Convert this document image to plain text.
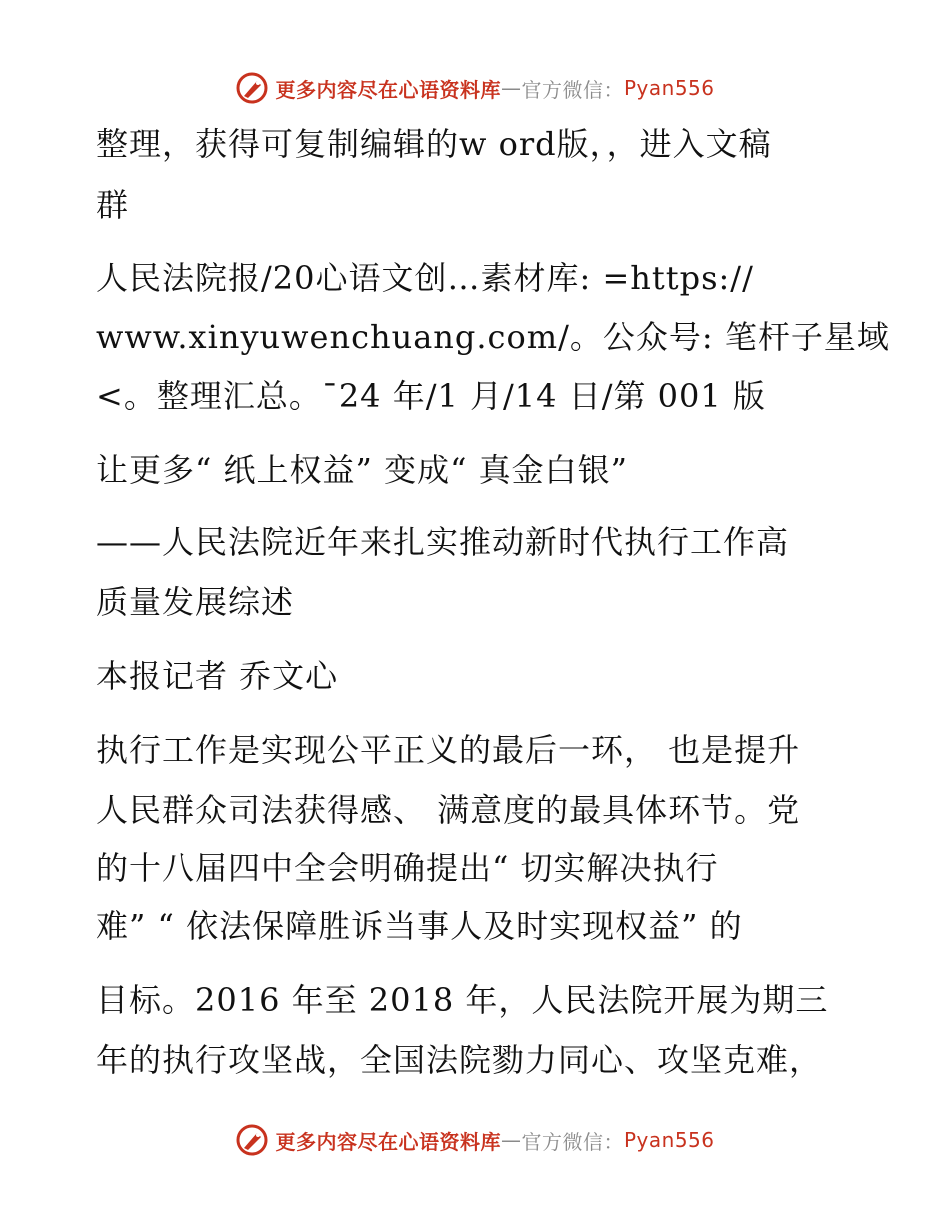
更多内容尽在心语资料库 — 官方微信： Pyan556
整理，获得可复制编辑的w ord版，，进入文稿
群
人民法院报/20心语文创…素材库: =https://
www.xinyuwenchuang.com/。公众号: 笔杆子星域
<。整理汇总。¯24 年/1 月/14 日/第 001 版
让更多“ 纸上权益” 变成“ 真金白银”
——人民法院近年来扎实推动新时代执行工作高
质量发展综述
本报记者 乔文心
执行工作是实现公平正义的最后一环， 也是提升
人民群众司法获得感、 满意度的最具体环节。党
的十八届四中全会明确提出“ 切实解决执行
难” “ 依法保障胜诉当事人及时实现权益” 的
目标。2016 年至 2018 年，人民法院开展为期三
年的执行攻坚战，全国法院勠力同心、攻坚克难，
更多内容尽在心语资料库 — 官方微信： Pyan556
